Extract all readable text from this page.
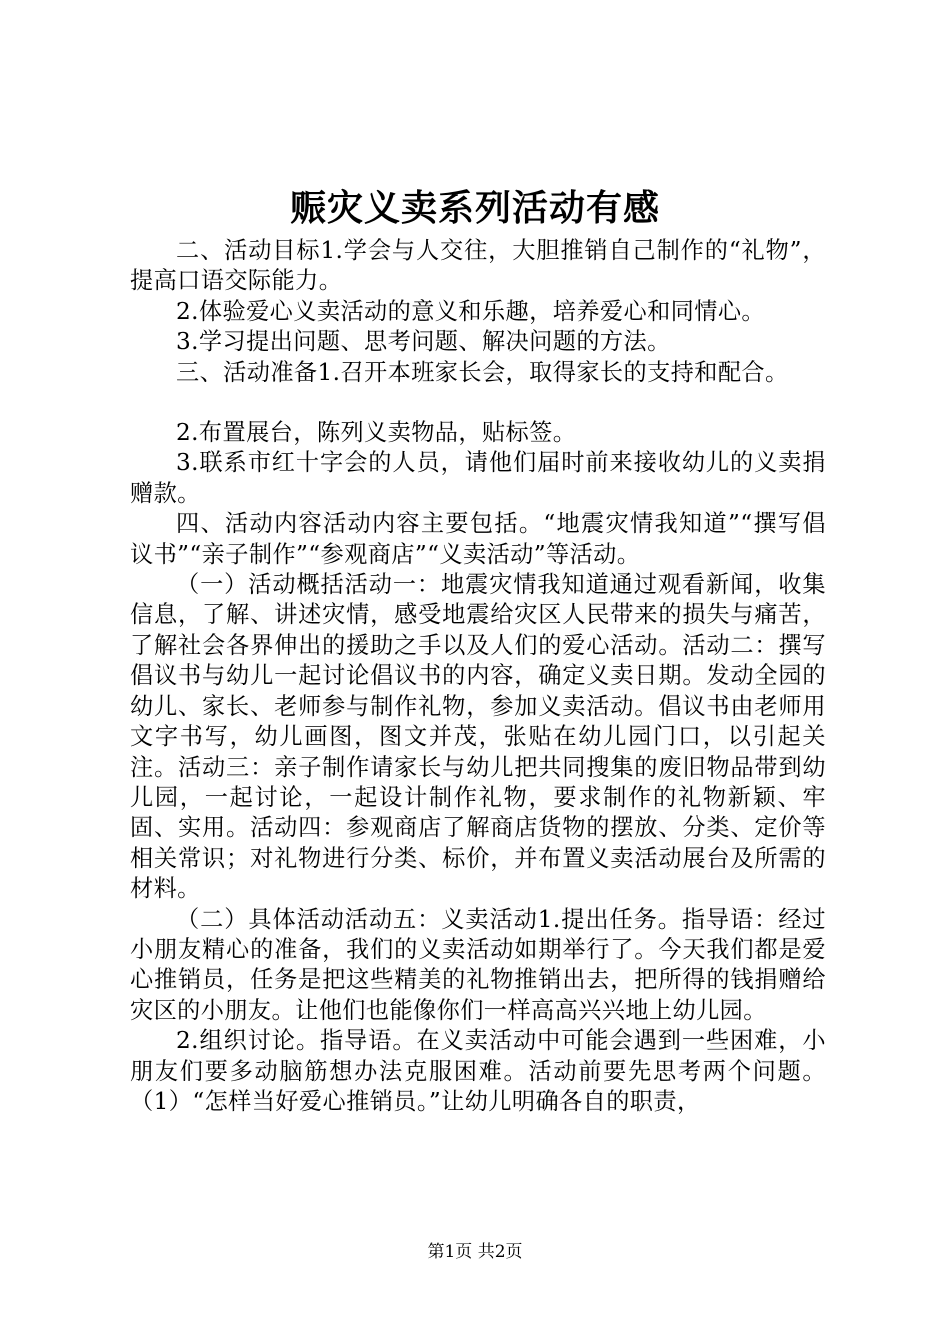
赈灾义卖系列活动有感

二、活动目标1.学会与人交往，大胆推销自己制作的“礼物”，提高口语交际能力。

2.体验爱心义卖活动的意义和乐趣，培养爱心和同情心。

3.学习提出问题、思考问题、解决问题的方法。

三、活动准备1.召开本班家长会，取得家长的支持和配合。

2.布置展台，陈列义卖物品，贴标签。

3.联系市红十字会的人员，请他们届时前来接收幼儿的义卖捐赠款。

四、活动内容活动内容主要包括。“地震灾情我知道”“撰写倡议书”“亲子制作”“参观商店”“义卖活动”等活动。

（一）活动概括活动一：地震灾情我知道通过观看新闻，收集信息，了解、讲述灾情，感受地震给灾区人民带来的损失与痛苦，了解社会各界伸出的援助之手以及人们的爱心活动。活动二：撰写倡议书与幼儿一起讨论倡议书的内容，确定义卖日期。发动全园的幼儿、家长、老师参与制作礼物，参加义卖活动。倡议书由老师用文字书写，幼儿画图，图文并茂，张贴在幼儿园门口，以引起关注。活动三：亲子制作请家长与幼儿把共同搜集的废旧物品带到幼儿园，一起讨论，一起设计制作礼物，要求制作的礼物新颖、牢固、实用。活动四：参观商店了解商店货物的摆放、分类、定价等相关常识；对礼物进行分类、标价，并布置义卖活动展台及所需的材料。

（二）具体活动活动五：义卖活动1.提出任务。指导语：经过小朋友精心的准备，我们的义卖活动如期举行了。今天我们都是爱心推销员，任务是把这些精美的礼物推销出去，把所得的钱捐赠给灾区的小朋友。让他们也能像你们一样高高兴兴地上幼儿园。

2.组织讨论。指导语。在义卖活动中可能会遇到一些困难，小朋友们要多动脑筋想办法克服困难。活动前要先思考两个问题。（1）“怎样当好爱心推销员。”让幼儿明确各自的职责，

第1页 共2页
